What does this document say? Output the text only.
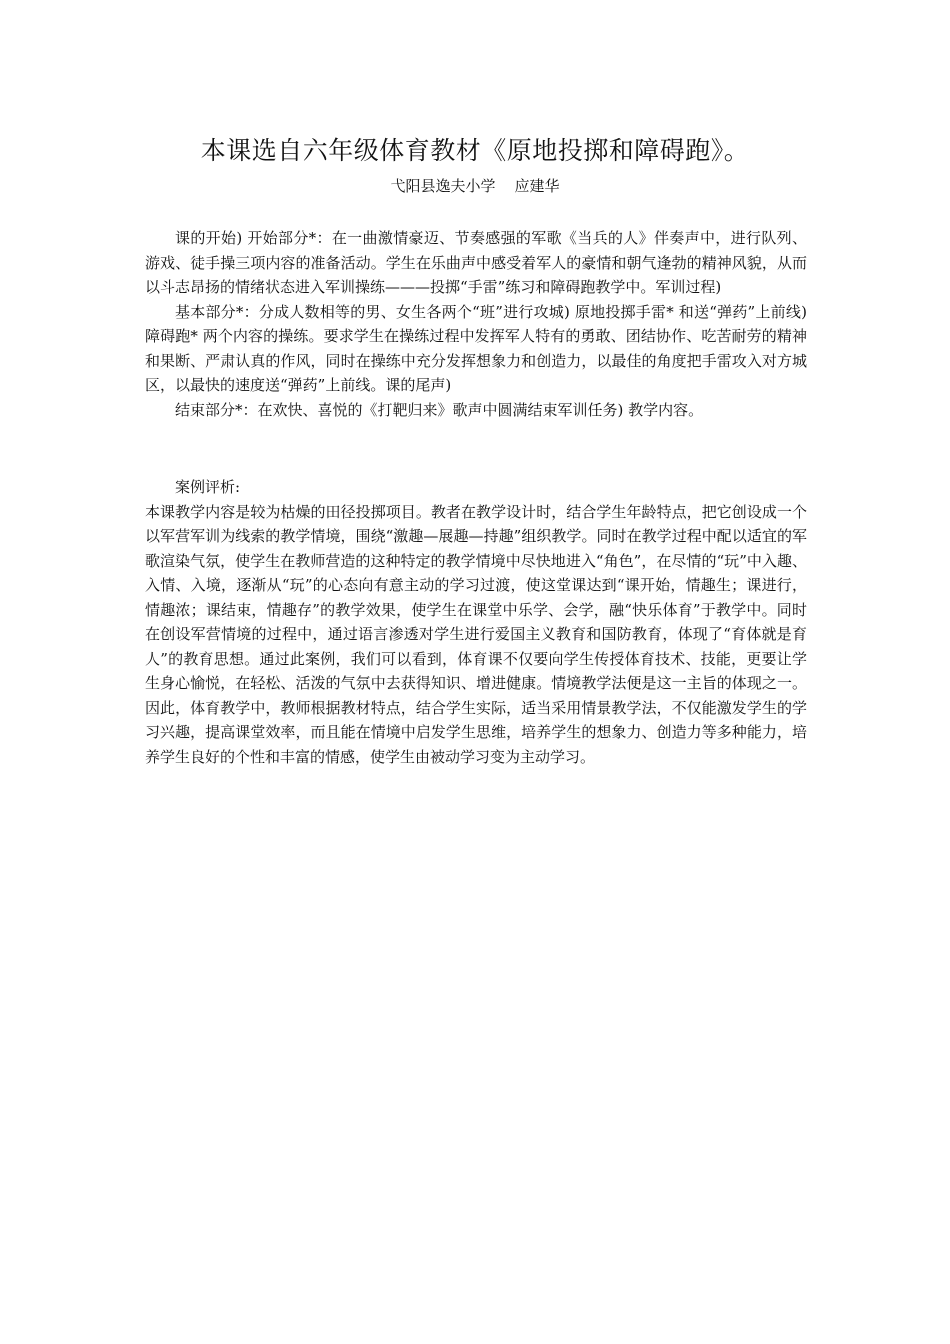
本课选自六年级体育教材《原地投掷和障碍跑》。
弋阳县逸夫小学    应建华

课的开始) 开始部分*：在一曲激情豪迈、节奏感强的军歌《当兵的人》伴奏声中，进行队列、游戏、徒手操三项内容的准备活动。学生在乐曲声中感受着军人的豪情和朝气逢勃的精神风貌，从而以斗志昂扬的情绪状态进入军训操练———投掷“手雷”练习和障碍跑教学中。军训过程)

基本部分*：分成人数相等的男、女生各两个“班”进行攻城) 原地投掷手雷* 和送“弹药”上前线) 障碍跑* 两个内容的操练。要求学生在操练过程中发挥军人特有的勇敢、团结协作、吃苦耐劳的精神和果断、严肃认真的作风，同时在操练中充分发挥想象力和创造力，以最佳的角度把手雷攻入对方城区，以最快的速度送“弹药”上前线。课的尾声)

结束部分*：在欢快、喜悦的《打靶归来》歌声中圆满结束军训任务) 教学内容。

案例评析:

本课教学内容是较为枯燥的田径投掷项目。教者在教学设计时，结合学生年龄特点，把它创设成一个以军营军训为线索的教学情境，围绕“激趣—展趣—持趣”组织教学。同时在教学过程中配以适宜的军歌渲染气氛，使学生在教师营造的这种特定的教学情境中尽快地进入“角色”，在尽情的“玩”中入趣、入情、入境，逐渐从“玩”的心态向有意主动的学习过渡，使这堂课达到“课开始，情趣生；课进行，情趣浓；课结束，情趣存”的教学效果，使学生在课堂中乐学、会学，融“快乐体育”于教学中。同时在创设军营情境的过程中，通过语言渗透对学生进行爱国主义教育和国防教育，体现了“育体就是育人”的教育思想。通过此案例，我们可以看到，体育课不仅要向学生传授体育技术、技能，更要让学生身心愉悦，在轻松、活泼的气氛中去获得知识、增进健康。情境教学法便是这一主旨的体现之一。因此，体育教学中，教师根据教材特点，结合学生实际，适当采用情景教学法，不仅能激发学生的学习兴趣，提高课堂效率，而且能在情境中启发学生思维，培养学生的想象力、创造力等多种能力，培养学生良好的个性和丰富的情感，使学生由被动学习变为主动学习。
